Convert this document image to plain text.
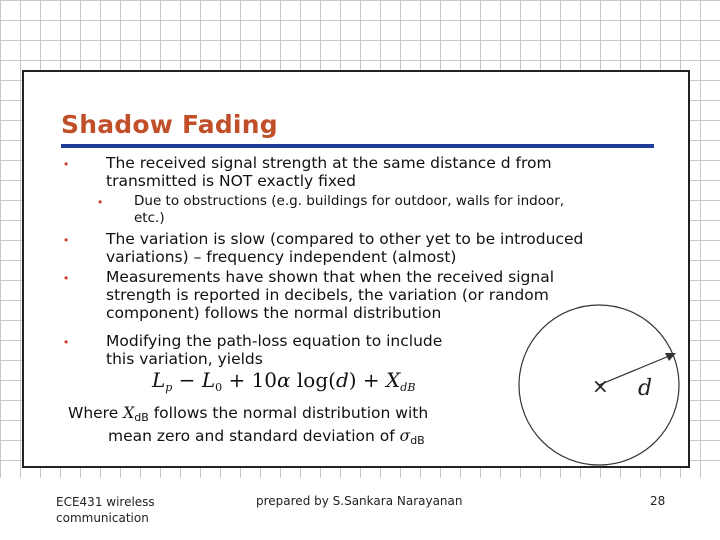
Shadow Fading
• The received signal strength at the same distance d from

transmitted is NOT exactly fixed

• Due to obstructions (e.g. buildings for outdoor, walls for indoor,

etc.)

• The variation is slow (compared to other yet to be introduced

variations) – frequency independent (almost)

• Measurements have shown that when the received signal

strength is reported in decibels, the variation (or random

component) follows the normal distribution

• Modifying the path-loss equation to include

this variation, yields

$L_p - L_0 + 10\alpha$ $\log(d) + X_{dB}$
Where $X_{dB}$ follows the normal distribution with
mean zero and standard deviation of $\sigma_{dB}$
× d
ECE431 wireless communication
prepared by S.Sankara Narayanan	28
